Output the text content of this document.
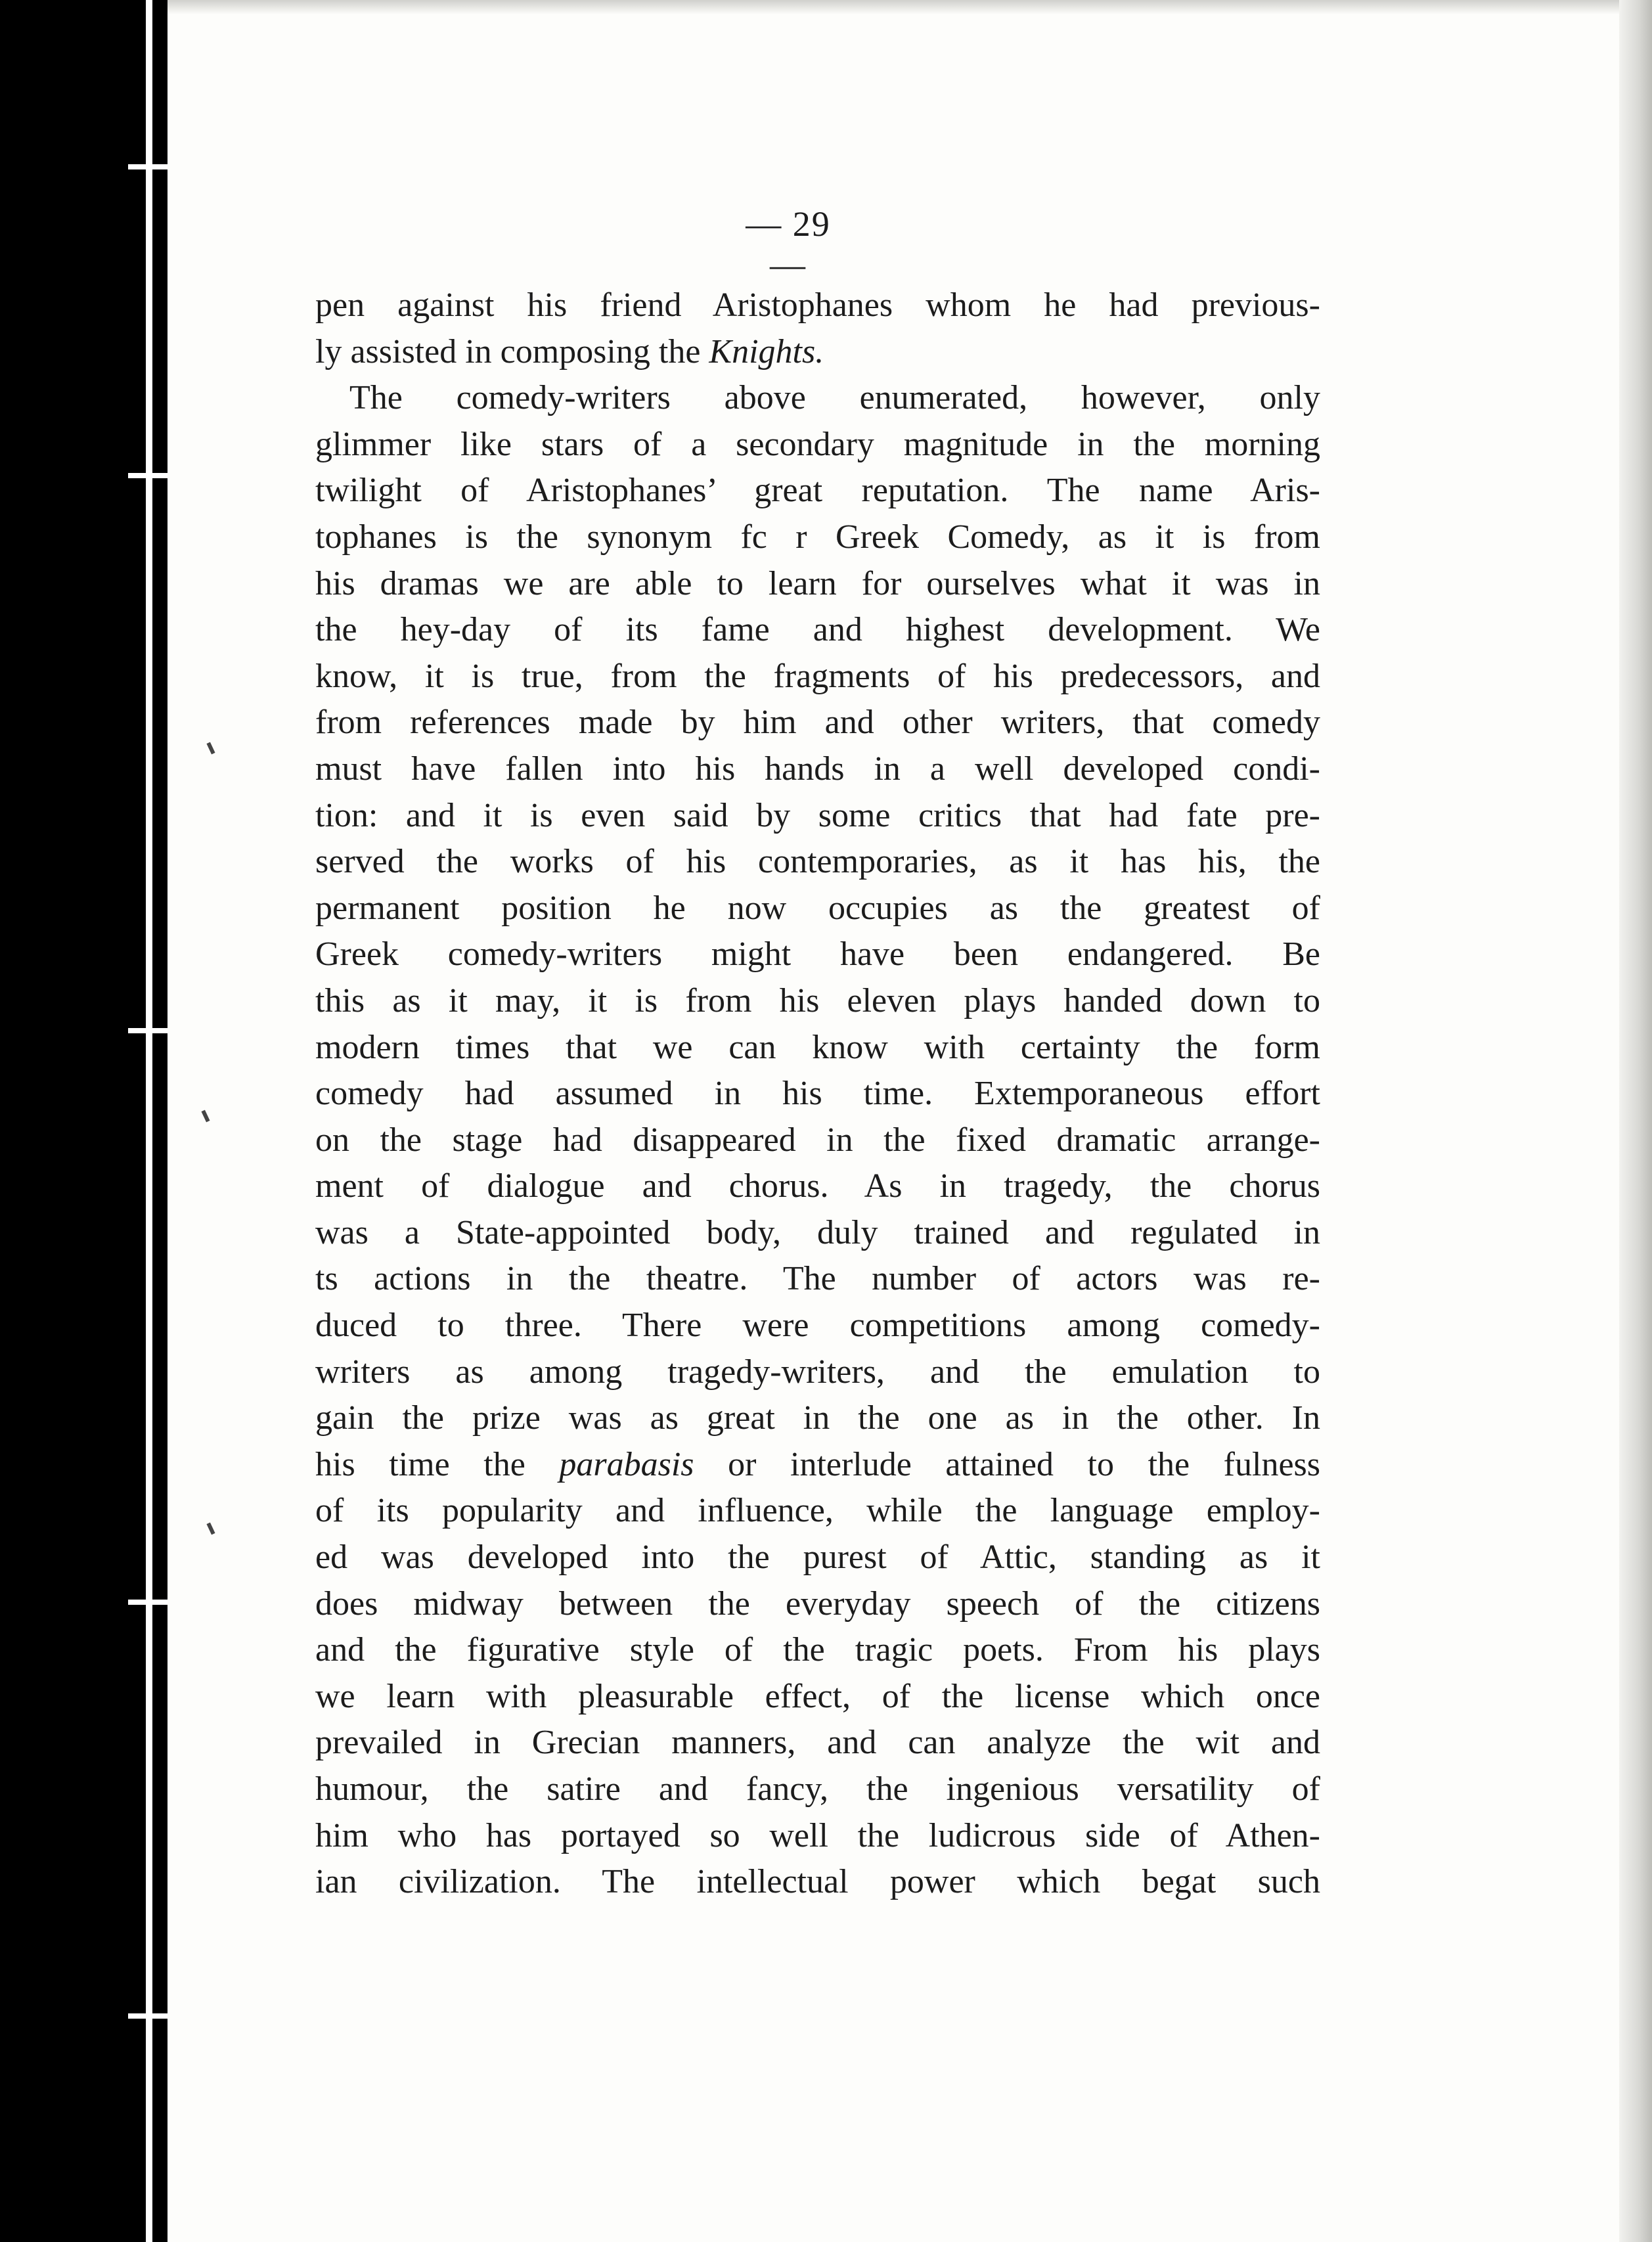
— 29 —
pen against his friend Aristophanes whom he had previous-
ly assisted in composing the Knights.
The comedy-writers above enumerated, however, only
glimmer like stars of a secondary magnitude in the morning
twilight of Aristophanes’ great reputation. The name Aris-
tophanes is the synonym fc r Greek Comedy, as it is from
his dramas we are able to learn for ourselves what it was in
the hey-day of its fame and highest development. We
know, it is true, from the fragments of his predecessors, and
from references made by him and other writers, that comedy
must have fallen into his hands in a well developed condi-
tion: and it is even said by some critics that had fate pre-
served the works of his contemporaries, as it has his, the
permanent position he now occupies as the greatest of
Greek comedy-writers might have been endangered. Be
this as it may, it is from his eleven plays handed down to
modern times that we can know with certainty the form
comedy had assumed in his time. Extemporaneous effort
on the stage had disappeared in the fixed dramatic arrange-
ment of dialogue and chorus. As in tragedy, the chorus
was a State-appointed body, duly trained and regulated in
ts actions in the theatre. The number of actors was re-
duced to three. There were competitions among comedy-
writers as among tragedy-writers, and the emulation to
gain the prize was as great in the one as in the other. In
his time the parabasis or interlude attained to the fulness
of its popularity and influence, while the language employ-
ed was developed into the purest of Attic, standing as it
does midway between the everyday speech of the citizens
and the figurative style of the tragic poets. From his plays
we learn with pleasurable effect, of the license which once
prevailed in Grecian manners, and can analyze the wit and
humour, the satire and fancy, the ingenious versatility of
him who has portayed so well the ludicrous side of Athen-
ian civilization. The intellectual power which begat such
